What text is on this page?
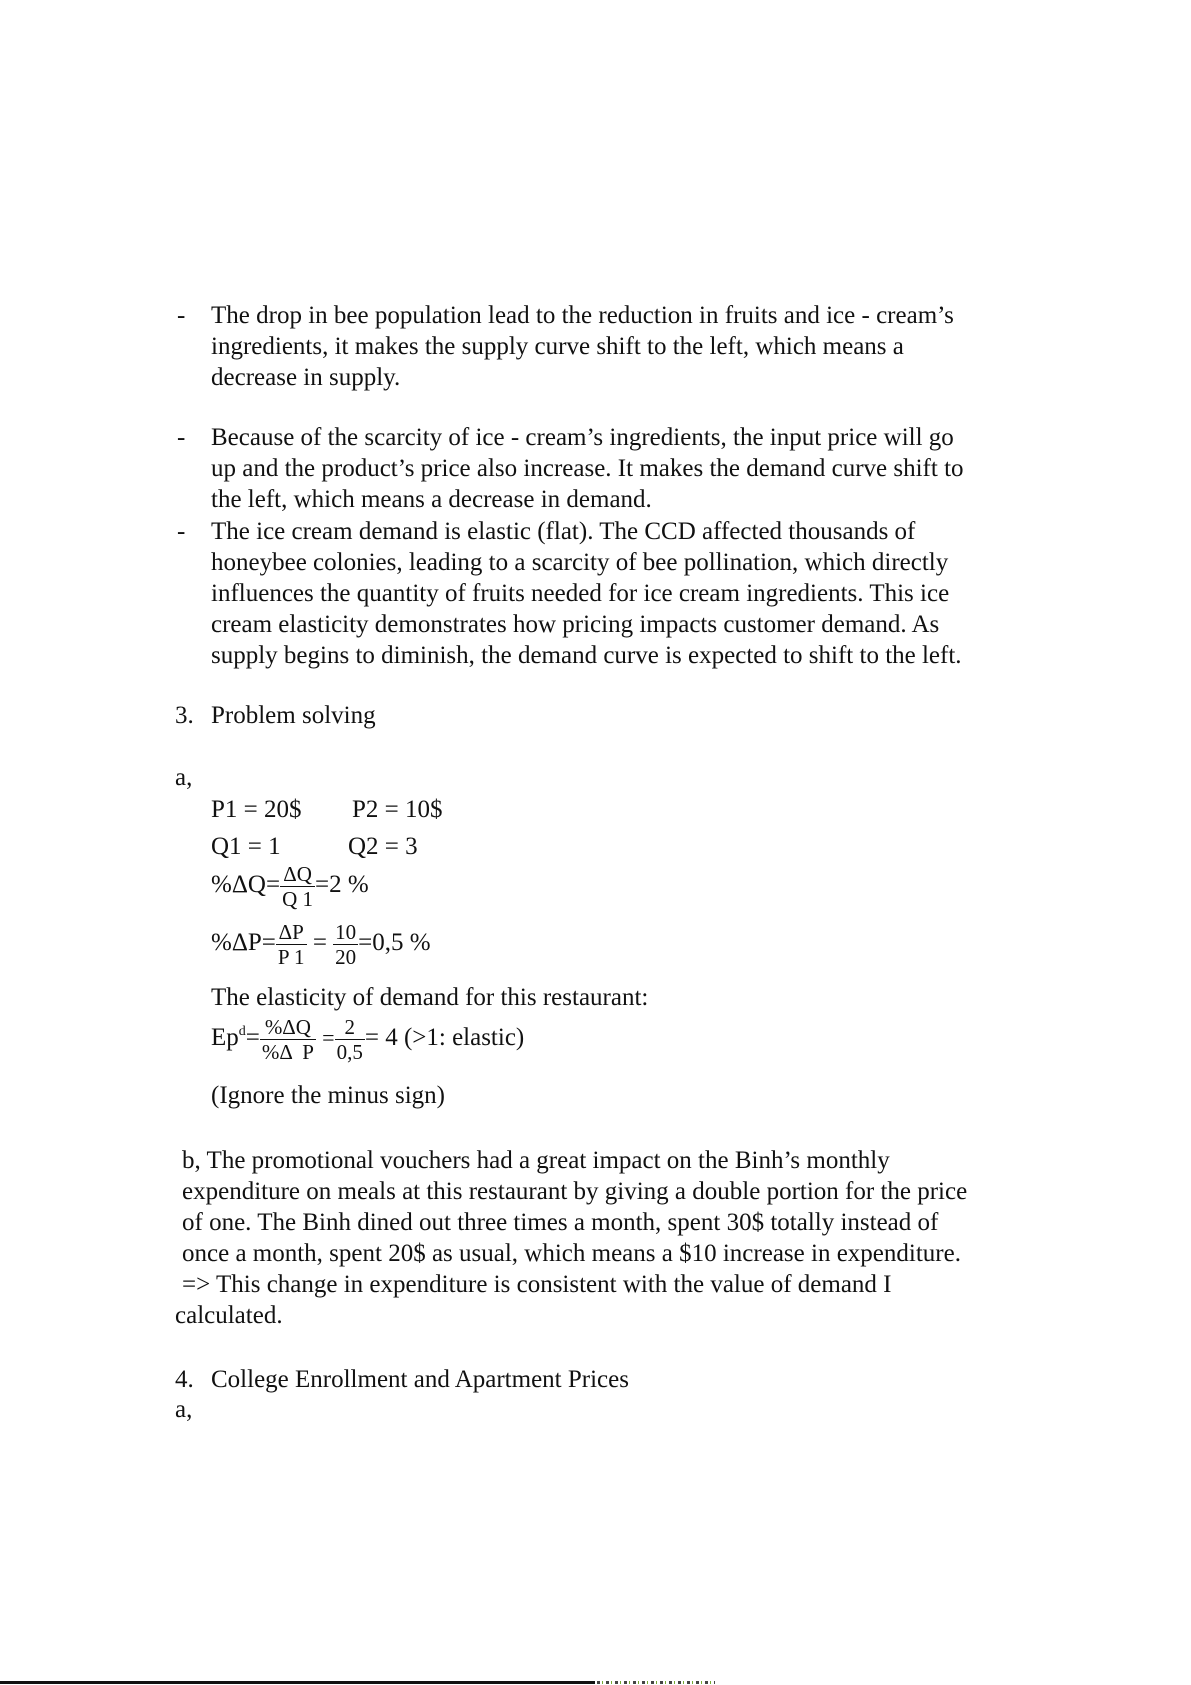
- The drop in bee population lead to the reduction in fruits and ice - cream’s
ingredients, it makes the supply curve shift to the left, which means a
decrease in supply.
- Because of the scarcity of ice - cream’s ingredients, the input price will go
up and the product’s price also increase. It makes the demand curve shift to
the left, which means a decrease in demand.
- The ice cream demand is elastic (flat). The CCD affected thousands of
honeybee colonies, leading to a scarcity of bee pollination, which directly
influences the quantity of fruits needed for ice cream ingredients. This ice
cream elasticity demonstrates how pricing impacts customer demand. As
supply begins to diminish, the demand curve is expected to shift to the left.
3. Problem solving
a,
P1 = 20$ P2 = 10$
Q1 = 1	Q2 = 3
$\%\Delta Q= \frac{\Delta Q}{Q 1} =2$ %
$\%\Delta P= \frac{\Delta P}{P 1} = \frac{10}{20} =0,5$ %
The elasticity of demand for this restaurant:
$Ep^d= \frac{\%\Delta Q}{\text{\%Δ  P}} = \frac{2}{0,5} = 4$ (>1: elastic)
(Ignore the minus sign)
b, The promotional vouchers had a great impact on the Binh’s monthly
expenditure on meals at this restaurant by giving a double portion for the price
of one. The Binh dined out three times a month, spent 30$ totally instead of
once a month, spent 20$ as usual, which means a $10 increase in expenditure.
=> This change in expenditure is consistent with the value of demand I
calculated.
4. College Enrollment and Apartment Prices
a,
